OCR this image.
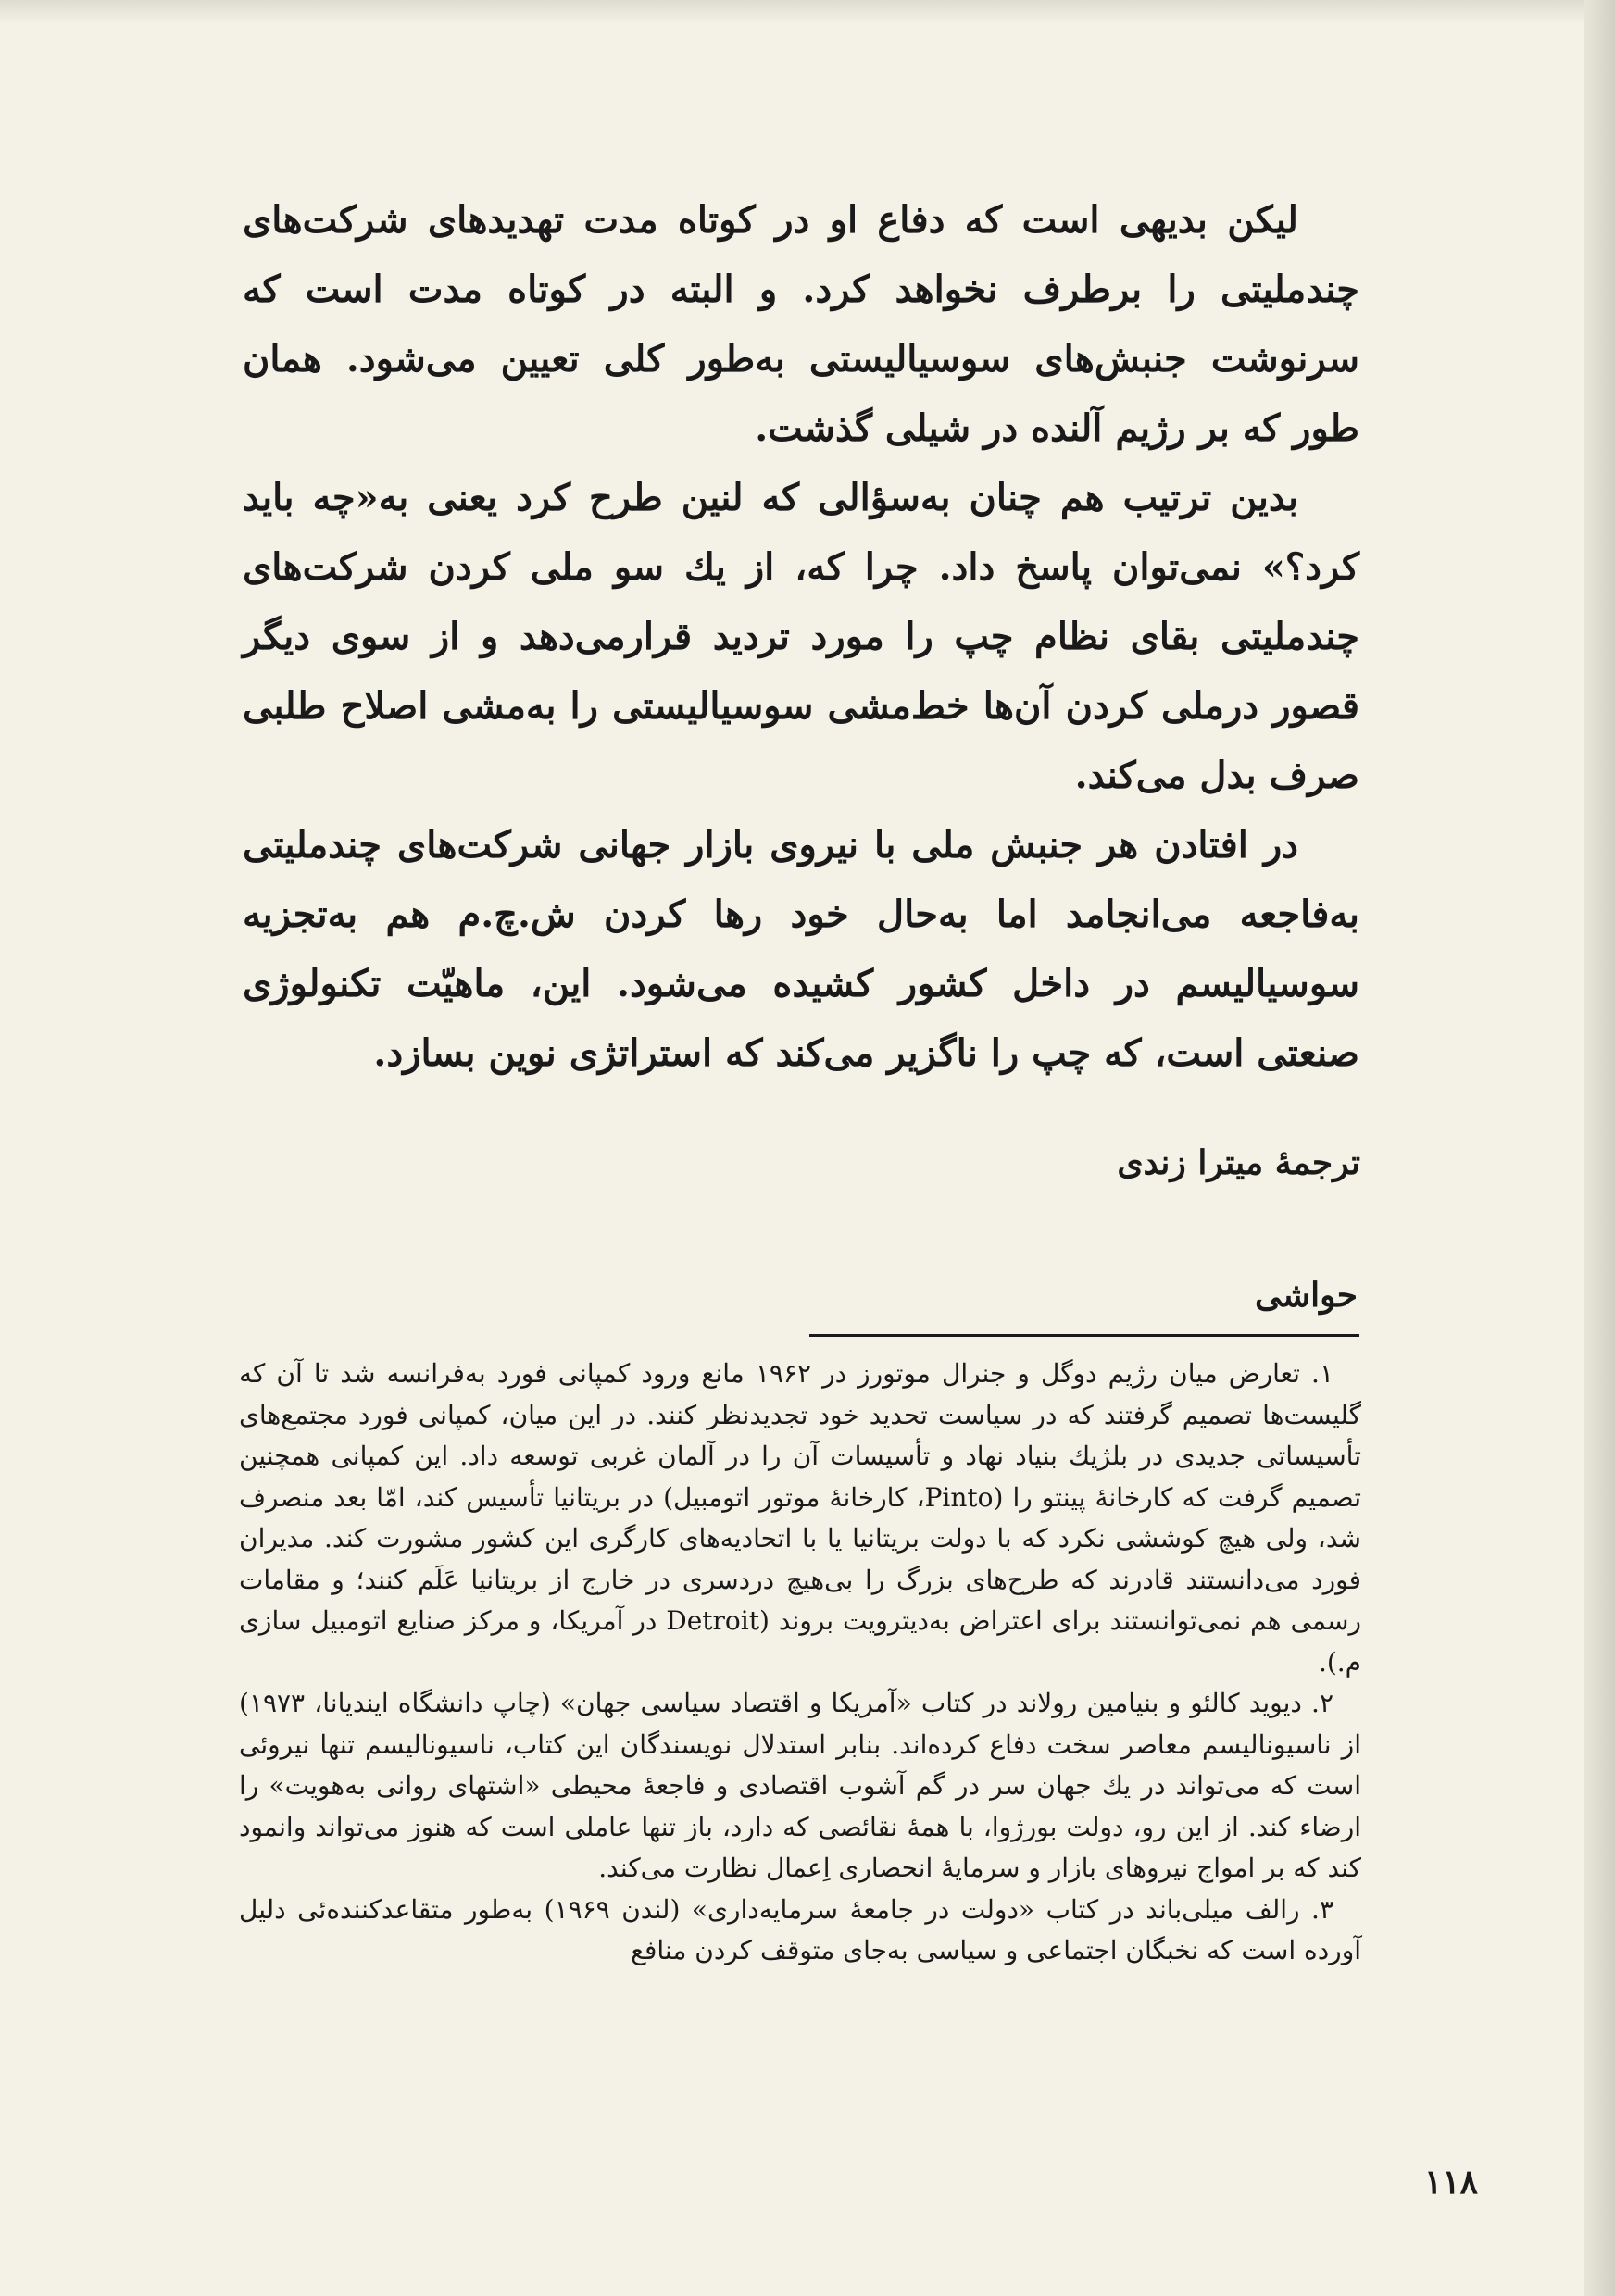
لیکن بدیهی است که دفاع او در کوتاه مدت تهدیدهای شرکت‌های چندملیتی را برطرف نخواهد کرد. و البته در کوتاه مدت است که سرنوشت جنبش‌های سوسیالیستی به‌طور کلی تعیین می‌شود. همان طور که بر رژیم آلنده در شیلی گذشت.

بدین ترتیب هم چنان به‌سؤالی که لنین طرح کرد یعنی به«چه باید کرد؟» نمی‌توان پاسخ داد. چرا که، از یك سو ملی کردن شرکت‌های چندملیتی بقای نظام چپ را مورد تردید قرارمی‌دهد و از سوی دیگر قصور درملی کردن آن‌ها خط‌مشی سوسیالیستی را به‌مشی اصلاح طلبی صرف بدل می‌کند.

در افتادن هر جنبش ملی با نیروی بازار جهانی شرکت‌های چندملیتی به‌فاجعه می‌انجامد اما به‌حال خود رها کردن ش.چ.م هم به‌تجزیه سوسیالیسم در داخل کشور کشیده می‌شود. این، ماهیّت تکنولوژی صنعتی است، که چپ را ناگزیر می‌کند که استراتژی نوین بسازد.

ترجمهٔ میترا زندی

حواشی

۱. تعارض میان رژیم دوگل و جنرال موتورز در ۱۹۶۲ مانع ورود کمپانی فورد به‌فرانسه شد تا آن که گلیست‌ها تصمیم گرفتند که در سیاست تحدید خود تجدیدنظر کنند. در این میان، کمپانی فورد مجتمع‌های تأسیساتی جدیدی در بلژیك بنیاد نهاد و تأسیسات آن را در آلمان غربی توسعه داد. این کمپانی همچنین تصمیم گرفت که کارخانهٔ پینتو را (Pinto، کارخانهٔ موتور اتومبیل) در بریتانیا تأسیس کند، امّا بعد منصرف شد، ولی هیچ کوششی نکرد که با دولت بریتانیا یا با اتحادیه‌های کارگری این کشور مشورت کند. مدیران فورد می‌دانستند قادرند که طرح‌های بزرگ را بی‌هیچ دردسری در خارج از بریتانیا عَلَم کنند؛ و مقامات رسمی هم نمی‌توانستند برای اعتراض به‌دیترویت بروند (Detroit در آمریکا، و مرکز صنایع اتومبیل سازی م.).

۲. دیوید کالئو و بنیامین رولاند در کتاب «آمریکا و اقتصاد سیاسی جهان» (چاپ دانشگاه ایندیانا، ۱۹۷۳) از ناسیونالیسم معاصر سخت دفاع کرده‌اند. بنابر استدلال نویسندگان این کتاب، ناسیونالیسم تنها نیروئی است که می‌تواند در یك جهان سر در گم آشوب اقتصادی و فاجعهٔ محیطی «اشتهای روانی به‌هویت» را ارضاء کند. از این رو، دولت بورژوا، با همهٔ نقائصی که دارد، باز تنها عاملی است که هنوز می‌تواند وانمود کند که بر امواج نیروهای بازار و سرمایهٔ انحصاری اِعمال نظارت می‌کند.

۳. رالف میلی‌باند در کتاب «دولت در جامعهٔ سرمایه‌داری» (لندن ۱۹۶۹) به‌طور متقاعدکننده‌ئی دلیل آورده است که نخبگان اجتماعی و سیاسی به‌جای متوقف کردن منافع

۱۱۸
